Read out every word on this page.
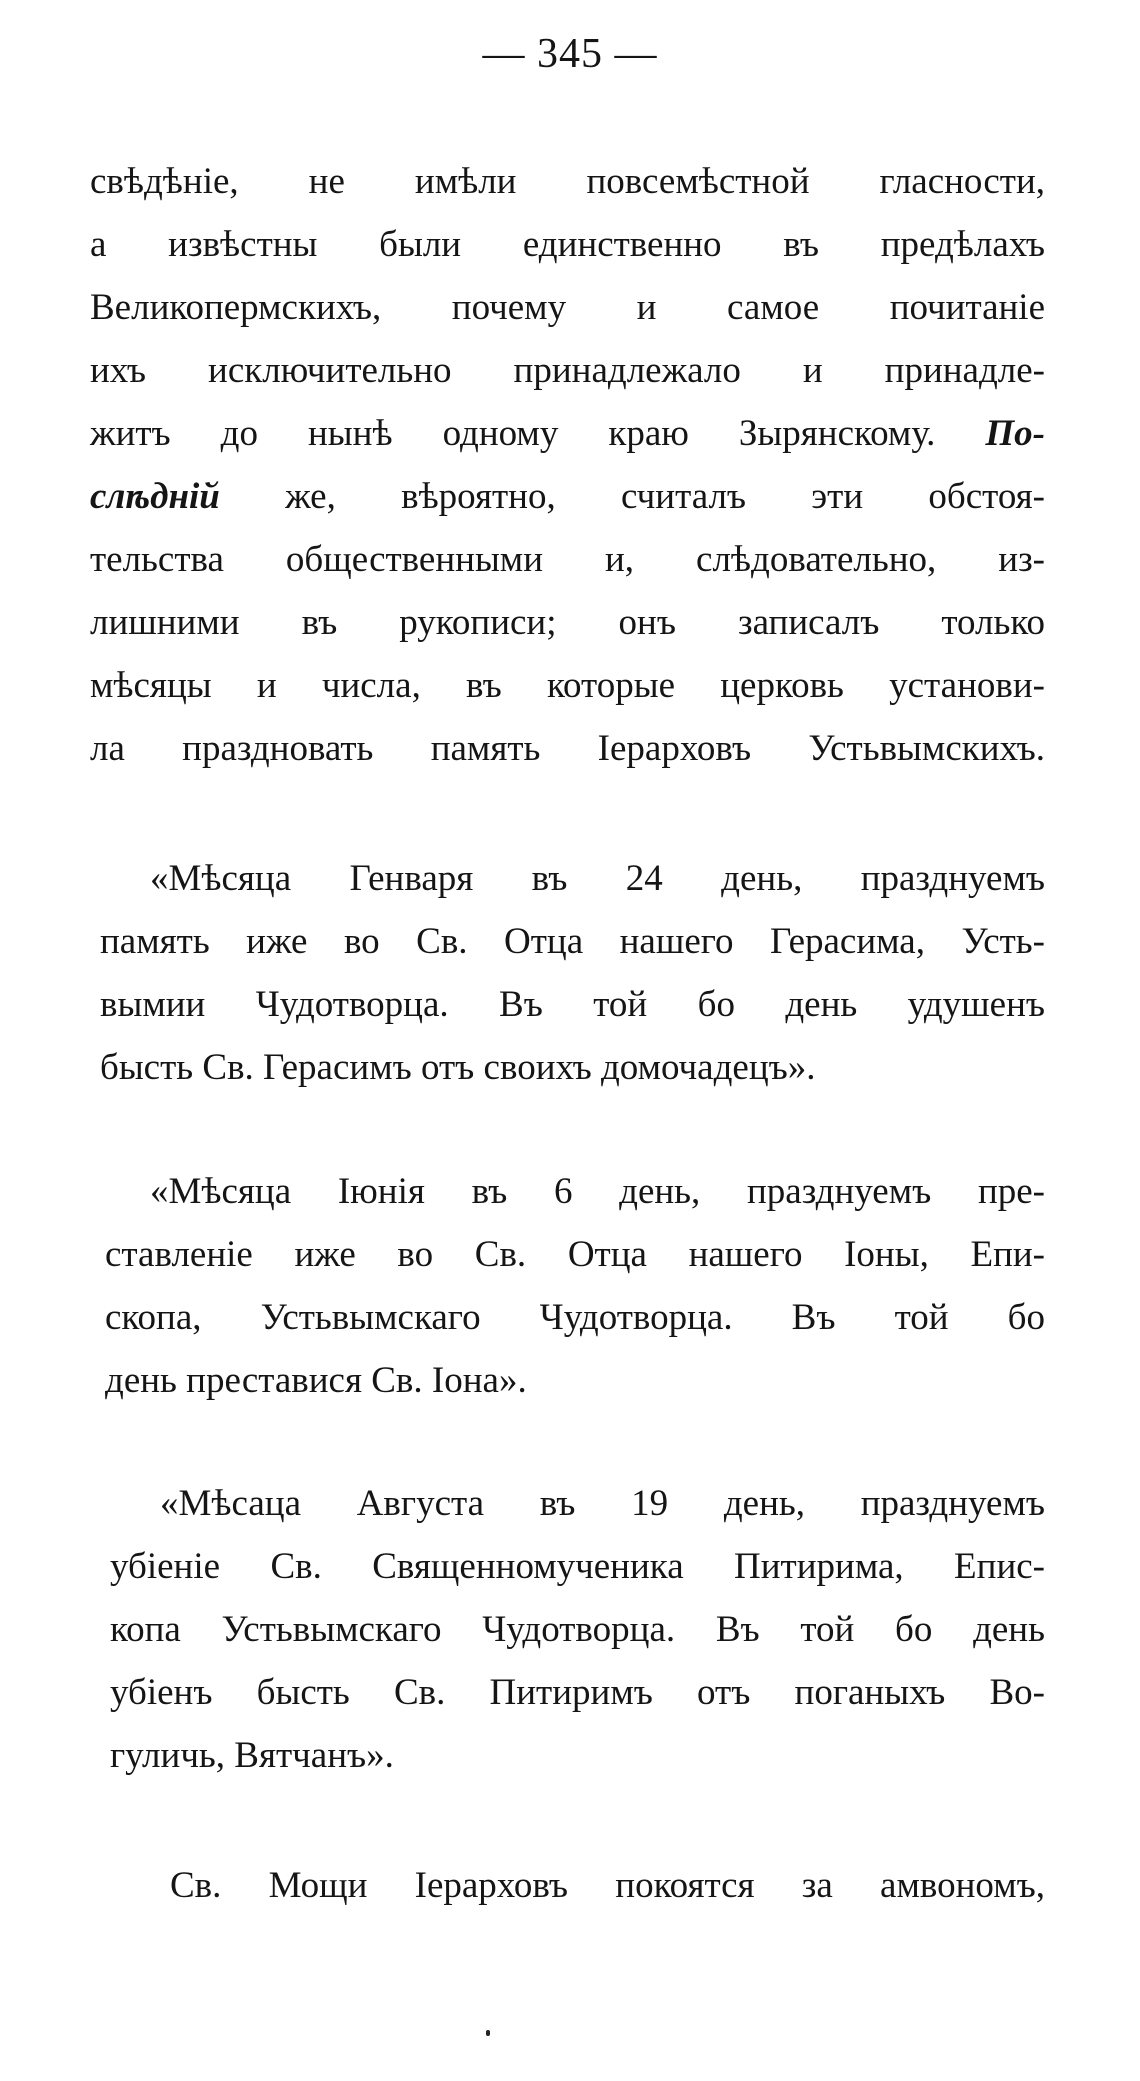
— 345 —
свѣдѣніе, не имѣли повсемѣстной гласности,
а извѣстны были единственно въ предѣлахъ
Великопермскихъ, почему и самое почитаніе
ихъ исключительно принадлежало и принадле-
житъ до нынѣ одному краю Зырянскому. По-
слѣдній же, вѣроятно, считалъ эти обстоя-
тельства общественными и, слѣдовательно, из-
лишними въ рукописи; онъ записалъ только
мѣсяцы и числа, въ которые церковь установи-
ла праздновать память Іерарховъ Устьвымскихъ.
«Мѣсяца Генваря въ 24 день, празднуемъ
память иже во Св. Отца нашего Герасима, Усть-
вымии Чудотворца. Въ той бо день удушенъ
бысть Св. Герасимъ отъ своихъ домочадецъ».
«Мѣсяца Іюнія въ 6 день, празднуемъ пре-
ставленіе иже во Св. Отца нашего Іоны, Епи-
скопа, Устьвымскаго Чудотворца. Въ той бо
день преставися Св. Іона».
«Мѣсаца Августа въ 19 день, празднуемъ
убіеніе Св. Священномученика Питирима, Епис-
копа Устьвымскаго Чудотворца. Въ той бо день
убіенъ бысть Св. Питиримъ отъ поганыхъ Во-
гуличь, Вятчанъ».
Св. Мощи Іерарховъ покоятся за амвономъ,
